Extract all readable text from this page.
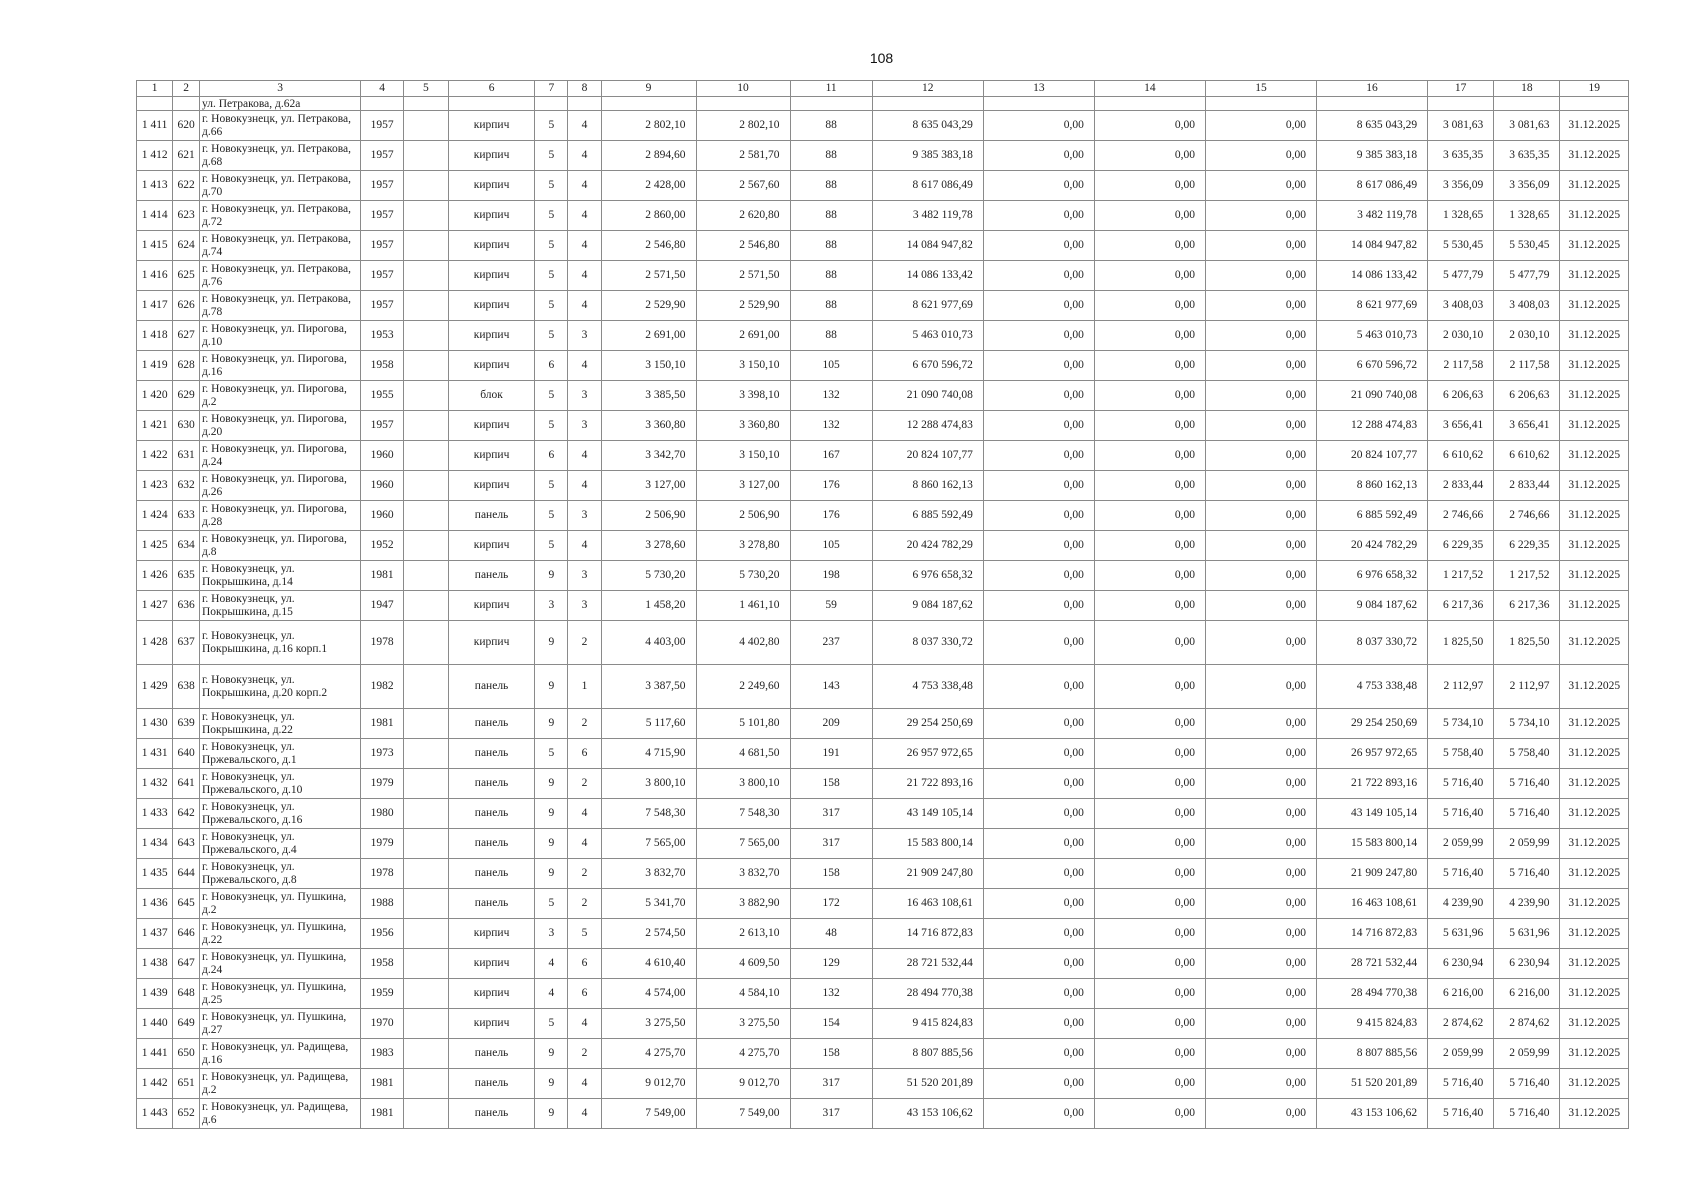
108
1	2	3	4	5	6	7	8	9	10	11	12	13	14	15	16	17	18	19
		ул. Петракова, д.62а																
1 411	620	г. Новокузнецк, ул. Петракова, д.66	1957		кирпич	5	4	2 802,10	2 802,10	88	8 635 043,29	0,00	0,00	0,00	8 635 043,29	3 081,63	3 081,63	31.12.2025
1 412	621	г. Новокузнецк, ул. Петракова, д.68	1957		кирпич	5	4	2 894,60	2 581,70	88	9 385 383,18	0,00	0,00	0,00	9 385 383,18	3 635,35	3 635,35	31.12.2025
1 413	622	г. Новокузнецк, ул. Петракова, д.70	1957		кирпич	5	4	2 428,00	2 567,60	88	8 617 086,49	0,00	0,00	0,00	8 617 086,49	3 356,09	3 356,09	31.12.2025
1 414	623	г. Новокузнецк, ул. Петракова, д.72	1957		кирпич	5	4	2 860,00	2 620,80	88	3 482 119,78	0,00	0,00	0,00	3 482 119,78	1 328,65	1 328,65	31.12.2025
1 415	624	г. Новокузнецк, ул. Петракова, д.74	1957		кирпич	5	4	2 546,80	2 546,80	88	14 084 947,82	0,00	0,00	0,00	14 084 947,82	5 530,45	5 530,45	31.12.2025
1 416	625	г. Новокузнецк, ул. Петракова, д.76	1957		кирпич	5	4	2 571,50	2 571,50	88	14 086 133,42	0,00	0,00	0,00	14 086 133,42	5 477,79	5 477,79	31.12.2025
1 417	626	г. Новокузнецк, ул. Петракова, д.78	1957		кирпич	5	4	2 529,90	2 529,90	88	8 621 977,69	0,00	0,00	0,00	8 621 977,69	3 408,03	3 408,03	31.12.2025
1 418	627	г. Новокузнецк, ул. Пирогова, д.10	1953		кирпич	5	3	2 691,00	2 691,00	88	5 463 010,73	0,00	0,00	0,00	5 463 010,73	2 030,10	2 030,10	31.12.2025
1 419	628	г. Новокузнецк, ул. Пирогова, д.16	1958		кирпич	6	4	3 150,10	3 150,10	105	6 670 596,72	0,00	0,00	0,00	6 670 596,72	2 117,58	2 117,58	31.12.2025
1 420	629	г. Новокузнецк, ул. Пирогова, д.2	1955		блок	5	3	3 385,50	3 398,10	132	21 090 740,08	0,00	0,00	0,00	21 090 740,08	6 206,63	6 206,63	31.12.2025
1 421	630	г. Новокузнецк, ул. Пирогова, д.20	1957		кирпич	5	3	3 360,80	3 360,80	132	12 288 474,83	0,00	0,00	0,00	12 288 474,83	3 656,41	3 656,41	31.12.2025
1 422	631	г. Новокузнецк, ул. Пирогова, д.24	1960		кирпич	6	4	3 342,70	3 150,10	167	20 824 107,77	0,00	0,00	0,00	20 824 107,77	6 610,62	6 610,62	31.12.2025
1 423	632	г. Новокузнецк, ул. Пирогова, д.26	1960		кирпич	5	4	3 127,00	3 127,00	176	8 860 162,13	0,00	0,00	0,00	8 860 162,13	2 833,44	2 833,44	31.12.2025
1 424	633	г. Новокузнецк, ул. Пирогова, д.28	1960		панель	5	3	2 506,90	2 506,90	176	6 885 592,49	0,00	0,00	0,00	6 885 592,49	2 746,66	2 746,66	31.12.2025
1 425	634	г. Новокузнецк, ул. Пирогова, д.8	1952		кирпич	5	4	3 278,60	3 278,80	105	20 424 782,29	0,00	0,00	0,00	20 424 782,29	6 229,35	6 229,35	31.12.2025
1 426	635	г. Новокузнецк, ул. Покрышкина, д.14	1981		панель	9	3	5 730,20	5 730,20	198	6 976 658,32	0,00	0,00	0,00	6 976 658,32	1 217,52	1 217,52	31.12.2025
1 427	636	г. Новокузнецк, ул. Покрышкина, д.15	1947		кирпич	3	3	1 458,20	1 461,10	59	9 084 187,62	0,00	0,00	0,00	9 084 187,62	6 217,36	6 217,36	31.12.2025
1 428	637	г. Новокузнецк, ул. Покрышкина, д.16 корп.1	1978		кирпич	9	2	4 403,00	4 402,80	237	8 037 330,72	0,00	0,00	0,00	8 037 330,72	1 825,50	1 825,50	31.12.2025
1 429	638	г. Новокузнецк, ул. Покрышкина, д.20 корп.2	1982		панель	9	1	3 387,50	2 249,60	143	4 753 338,48	0,00	0,00	0,00	4 753 338,48	2 112,97	2 112,97	31.12.2025
1 430	639	г. Новокузнецк, ул. Покрышкина, д.22	1981		панель	9	2	5 117,60	5 101,80	209	29 254 250,69	0,00	0,00	0,00	29 254 250,69	5 734,10	5 734,10	31.12.2025
1 431	640	г. Новокузнецк, ул. Пржевальского, д.1	1973		панель	5	6	4 715,90	4 681,50	191	26 957 972,65	0,00	0,00	0,00	26 957 972,65	5 758,40	5 758,40	31.12.2025
1 432	641	г. Новокузнецк, ул. Пржевальского, д.10	1979		панель	9	2	3 800,10	3 800,10	158	21 722 893,16	0,00	0,00	0,00	21 722 893,16	5 716,40	5 716,40	31.12.2025
1 433	642	г. Новокузнецк, ул. Пржевальского, д.16	1980		панель	9	4	7 548,30	7 548,30	317	43 149 105,14	0,00	0,00	0,00	43 149 105,14	5 716,40	5 716,40	31.12.2025
1 434	643	г. Новокузнецк, ул. Пржевальского, д.4	1979		панель	9	4	7 565,00	7 565,00	317	15 583 800,14	0,00	0,00	0,00	15 583 800,14	2 059,99	2 059,99	31.12.2025
1 435	644	г. Новокузнецк, ул. Пржевальского, д.8	1978		панель	9	2	3 832,70	3 832,70	158	21 909 247,80	0,00	0,00	0,00	21 909 247,80	5 716,40	5 716,40	31.12.2025
1 436	645	г. Новокузнецк, ул. Пушкина, д.2	1988		панель	5	2	5 341,70	3 882,90	172	16 463 108,61	0,00	0,00	0,00	16 463 108,61	4 239,90	4 239,90	31.12.2025
1 437	646	г. Новокузнецк, ул. Пушкина, д.22	1956		кирпич	3	5	2 574,50	2 613,10	48	14 716 872,83	0,00	0,00	0,00	14 716 872,83	5 631,96	5 631,96	31.12.2025
1 438	647	г. Новокузнецк, ул. Пушкина, д.24	1958		кирпич	4	6	4 610,40	4 609,50	129	28 721 532,44	0,00	0,00	0,00	28 721 532,44	6 230,94	6 230,94	31.12.2025
1 439	648	г. Новокузнецк, ул. Пушкина, д.25	1959		кирпич	4	6	4 574,00	4 584,10	132	28 494 770,38	0,00	0,00	0,00	28 494 770,38	6 216,00	6 216,00	31.12.2025
1 440	649	г. Новокузнецк, ул. Пушкина, д.27	1970		кирпич	5	4	3 275,50	3 275,50	154	9 415 824,83	0,00	0,00	0,00	9 415 824,83	2 874,62	2 874,62	31.12.2025
1 441	650	г. Новокузнецк, ул. Радищева, д.16	1983		панель	9	2	4 275,70	4 275,70	158	8 807 885,56	0,00	0,00	0,00	8 807 885,56	2 059,99	2 059,99	31.12.2025
1 442	651	г. Новокузнецк, ул. Радищева, д.2	1981		панель	9	4	9 012,70	9 012,70	317	51 520 201,89	0,00	0,00	0,00	51 520 201,89	5 716,40	5 716,40	31.12.2025
1 443	652	г. Новокузнецк, ул. Радищева, д.6	1981		панель	9	4	7 549,00	7 549,00	317	43 153 106,62	0,00	0,00	0,00	43 153 106,62	5 716,40	5 716,40	31.12.2025
